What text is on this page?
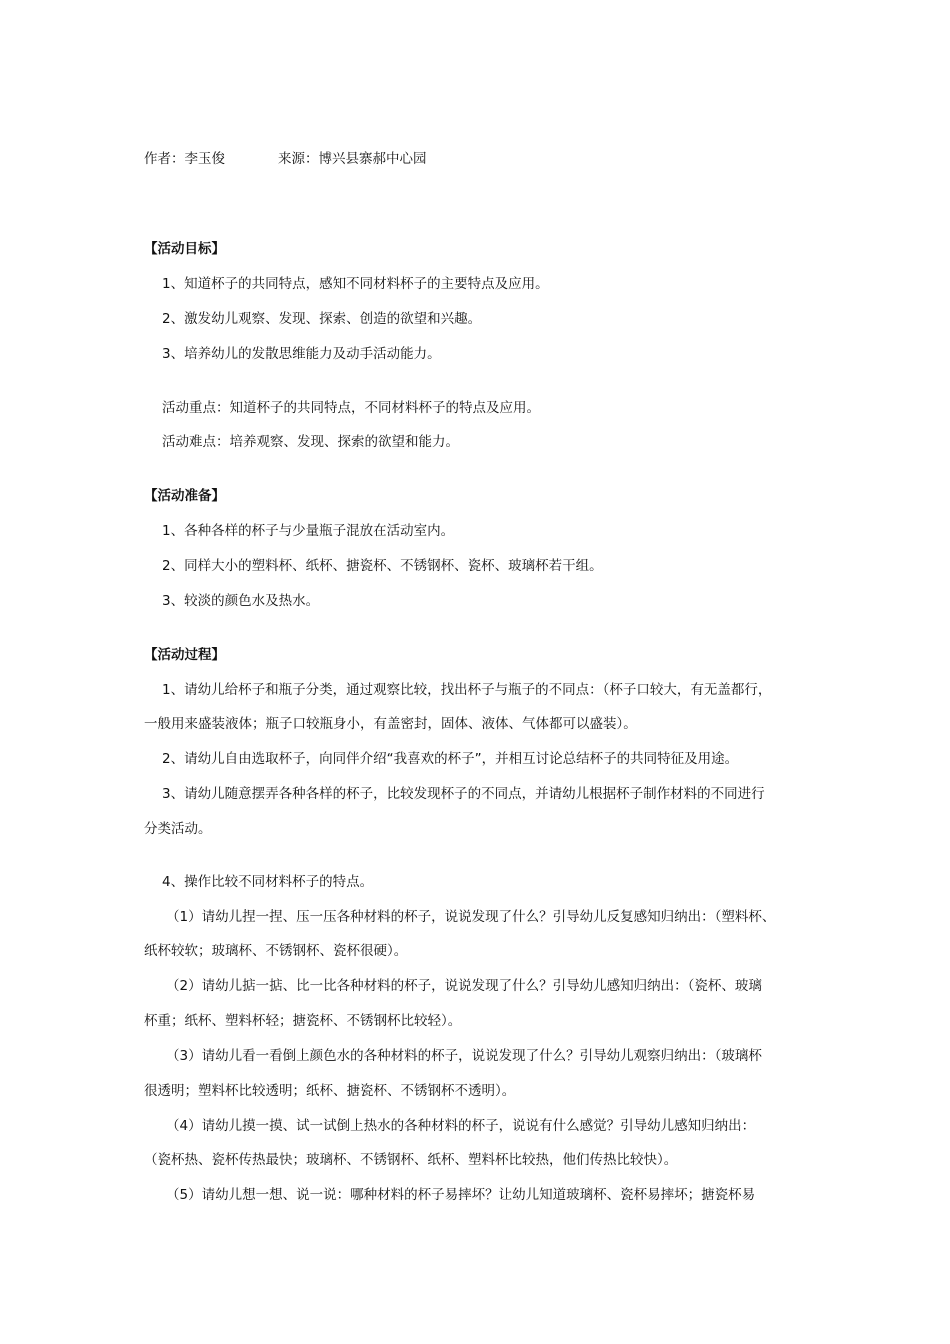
作者：李玉俊	来源：博兴县寨郝中心园
【活动目标】
1、知道杯子的共同特点，感知不同材料杯子的主要特点及应用。
2、激发幼儿观察、发现、探索、创造的欲望和兴趣。
3、培养幼儿的发散思维能力及动手活动能力。
活动重点：知道杯子的共同特点，不同材料杯子的特点及应用。
活动难点：培养观察、发现、探索的欲望和能力。
【活动准备】
1、各种各样的杯子与少量瓶子混放在活动室内。
2、同样大小的塑料杯、纸杯、搪瓷杯、不锈钢杯、瓷杯、玻璃杯若干组。
3、较淡的颜色水及热水。
【活动过程】
1、请幼儿给杯子和瓶子分类，通过观察比较，找出杯子与瓶子的不同点：（杯子口较大，有无盖都行，
一般用来盛装液体；瓶子口较瓶身小，有盖密封，固体、液体、气体都可以盛装）。
2、请幼儿自由选取杯子，向同伴介绍“我喜欢的杯子”，并相互讨论总结杯子的共同特征及用途。
3、请幼儿随意摆弄各种各样的杯子，比较发现杯子的不同点，并请幼儿根据杯子制作材料的不同进行
分类活动。
4、操作比较不同材料杯子的特点。
（1）请幼儿捏一捏、压一压各种材料的杯子，说说发现了什么？引导幼儿反复感知归纳出：（塑料杯、
纸杯较软；玻璃杯、不锈钢杯、瓷杯很硬）。
（2）请幼儿掂一掂、比一比各种材料的杯子，说说发现了什么？引导幼儿感知归纳出：（瓷杯、玻璃
杯重；纸杯、塑料杯轻；搪瓷杯、不锈钢杯比较轻）。
（3）请幼儿看一看倒上颜色水的各种材料的杯子，说说发现了什么？引导幼儿观察归纳出：（玻璃杯
很透明；塑料杯比较透明；纸杯、搪瓷杯、不锈钢杯不透明）。
（4）请幼儿摸一摸、试一试倒上热水的各种材料的杯子，说说有什么感觉？引导幼儿感知归纳出：
（瓷杯热、瓷杯传热最快；玻璃杯、不锈钢杯、纸杯、塑料杯比较热，他们传热比较快）。
（5）请幼儿想一想、说一说：哪种材料的杯子易摔坏？让幼儿知道玻璃杯、瓷杯易摔坏；搪瓷杯易
